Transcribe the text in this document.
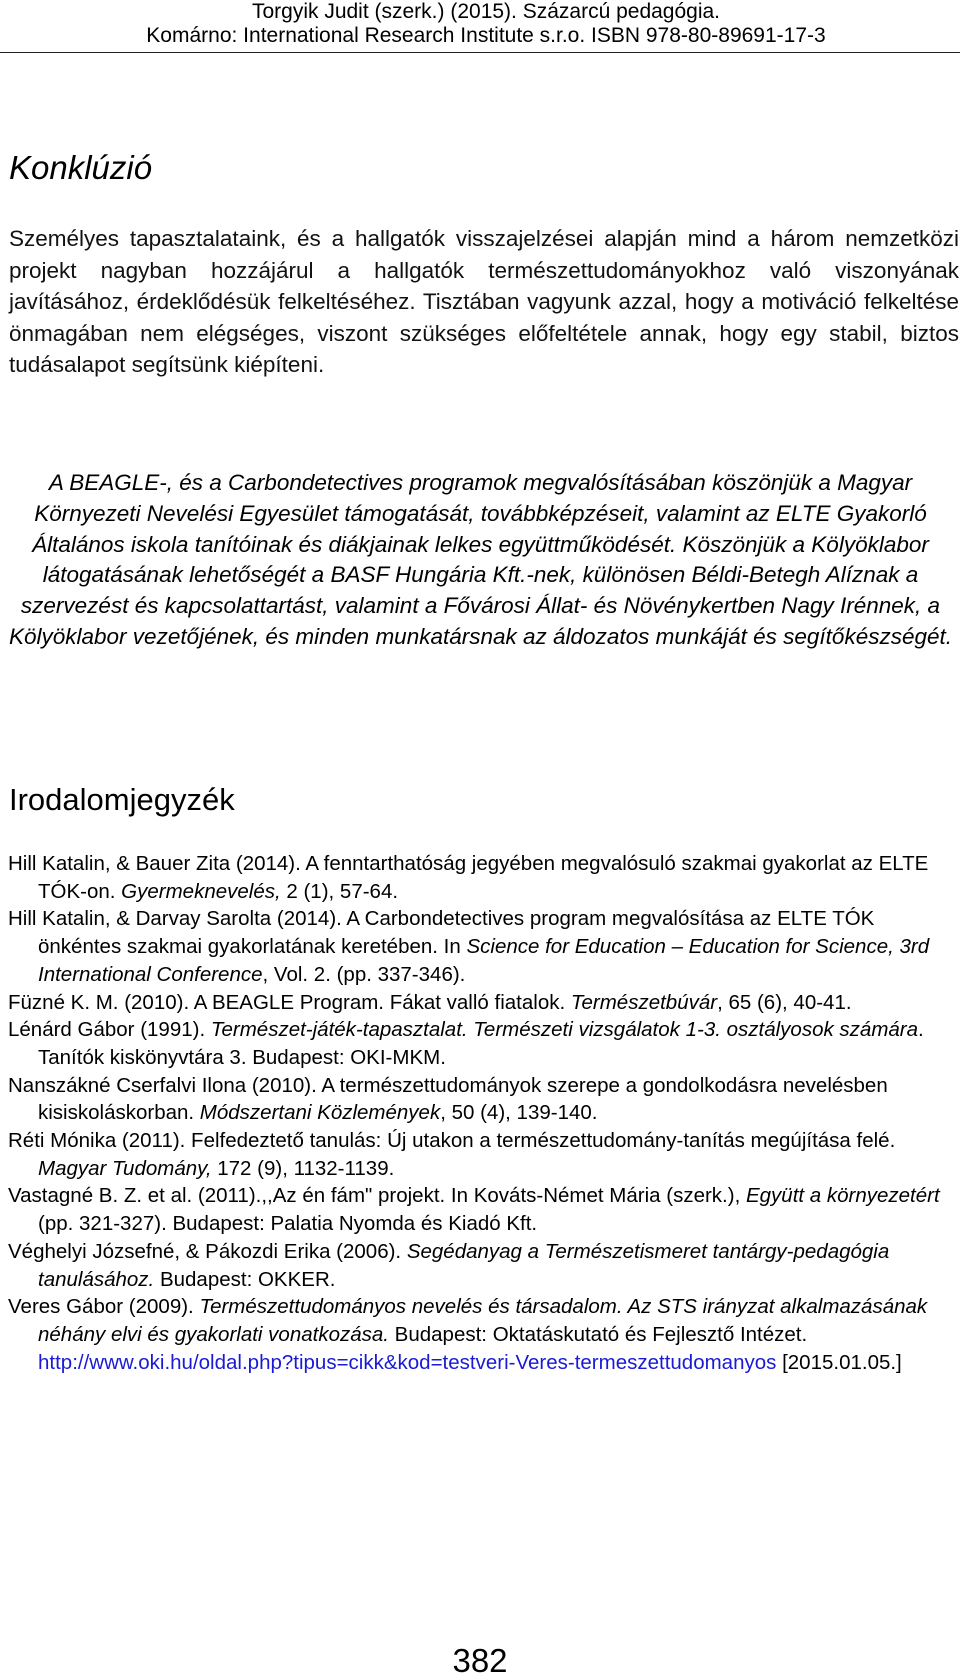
Torgyik Judit (szerk.) (2015). Százarcú pedagógia.
Komárno: International Research Institute s.r.o. ISBN 978-80-89691-17-3
Konklúzió

Személyes tapasztalataink, és a hallgatók visszajelzései alapján mind a három nemzetközi projekt nagyban hozzájárul a hallgatók természettudományokhoz való viszonyának javításához, érdeklődésük felkeltéséhez. Tisztában vagyunk azzal, hogy a motiváció felkeltése önmagában nem elégséges, viszont szükséges előfeltétele annak, hogy egy stabil, biztos tudásalapot segítsünk kiépíteni.

A BEAGLE-, és a Carbondetectives programok megvalósításában köszönjük a Magyar Környezeti Nevelési Egyesület támogatását, továbbképzéseit, valamint az ELTE Gyakorló Általános iskola tanítóinak és diákjainak lelkes együttműködését. Köszönjük a Kölyöklabor látogatásának lehetőségét a BASF Hungária Kft.-nek, különösen Béldi-Betegh Alíznak a szervezést és kapcsolattartást, valamint a Fővárosi Állat- és Növénykertben Nagy Irénnek, a Kölyöklabor vezetőjének, és minden munkatársnak az áldozatos munkáját és segítőkészségét.

Irodalomjegyzék
Hill Katalin, & Bauer Zita (2014). A fenntarthatóság jegyében megvalósuló szakmai gyakorlat az ELTE TÓK-on. Gyermeknevelés, 2 (1), 57-64.
Hill Katalin, & Darvay Sarolta (2014). A Carbondetectives program megvalósítása az ELTE TÓK önkéntes szakmai gyakorlatának keretében. In Science for Education – Education for Science, 3rd International Conference, Vol. 2. (pp. 337-346).
Füzné K. M. (2010). A BEAGLE Program. Fákat valló fiatalok. Természetbúvár, 65 (6), 40-41.
Lénárd Gábor (1991). Természet-játék-tapasztalat. Természeti vizsgálatok 1-3. osztályosok számára. Tanítók kiskönyvtára 3. Budapest: OKI-MKM.
Nanszákné Cserfalvi Ilona (2010). A természettudományok szerepe a gondolkodásra nevelésben kisiskoláskorban. Módszertani Közlemények, 50 (4), 139-140.
Réti Mónika (2011). Felfedeztető tanulás: Új utakon a természettudomány-tanítás megújítása felé. Magyar Tudomány, 172 (9), 1132-1139.
Vastagné B. Z. et al. (2011).,,Az én fám" projekt. In Kováts-Német Mária (szerk.), Együtt a környezetért (pp. 321-327). Budapest: Palatia Nyomda és Kiadó Kft.
Véghelyi Józsefné, & Pákozdi Erika (2006). Segédanyag a Természetismeret tantárgy-pedagógia tanulásához. Budapest: OKKER.
Veres Gábor (2009). Természettudományos nevelés és társadalom. Az STS irányzat alkalmazásának néhány elvi és gyakorlati vonatkozása. Budapest: Oktatáskutató és Fejlesztő Intézet. http://www.oki.hu/oldal.php?tipus=cikk&kod=testveri-Veres-termeszettudomanyos [2015.01.05.]
382
